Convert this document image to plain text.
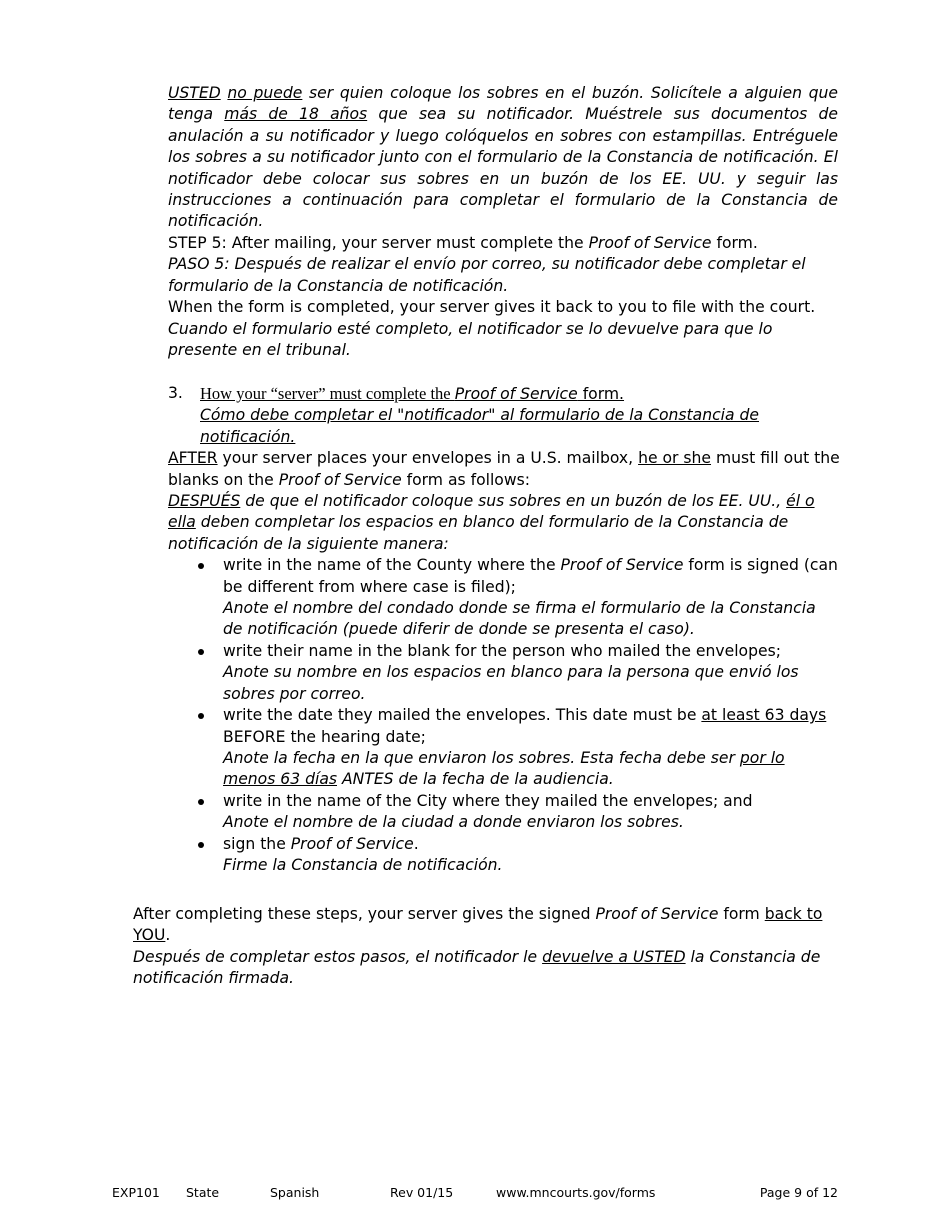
USTED no puede ser quien coloque los sobres en el buzón. Solicítele a alguien que tenga más de 18 años que sea su notificador. Muéstrele sus documentos de anulación a su notificador y luego colóquelos en sobres con estampillas. Entréguele los sobres a su notificador junto con el formulario de la Constancia de notificación. El notificador debe colocar sus sobres en un buzón de los EE. UU. y seguir las instrucciones a continuación para completar el formulario de la Constancia de notificación.

STEP 5: After mailing, your server must complete the Proof of Service form.

PASO 5: Después de realizar el envío por correo, su notificador debe completar el formulario de la Constancia de notificación.

When the form is completed, your server gives it back to you to file with the court.

Cuando el formulario esté completo, el notificador se lo devuelve para que lo presente en el tribunal.

3.	How your “server” must complete the Proof of Service form.

Cómo debe completar el "notificador" al formulario de la Constancia de notificación.

AFTER your server places your envelopes in a U.S. mailbox, he or she must fill out the blanks on the Proof of Service form as follows:

DESPUÉS de que el notificador coloque sus sobres en un buzón de los EE. UU., él o ella deben completar los espacios en blanco del formulario de la Constancia de notificación de la siguiente manera:

write in the name of the County where the Proof of Service form is signed (can be different from where case is filed);

Anote el nombre del condado donde se firma el formulario de la Constancia de notificación (puede diferir de donde se presenta el caso).

write their name in the blank for the person who mailed the envelopes;

Anote su nombre en los espacios en blanco para la persona que envió los sobres por correo.

write the date they mailed the envelopes. This date must be at least 63 days BEFORE the hearing date;

Anote la fecha en la que enviaron los sobres. Esta fecha debe ser por lo menos 63 días ANTES de la fecha de la audiencia.

write in the name of the City where they mailed the envelopes; and

Anote el nombre de la ciudad a donde enviaron los sobres.

sign the Proof of Service.

Firme la Constancia de notificación.

After completing these steps, your server gives the signed Proof of Service form back to YOU.

Después de completar estos pasos, el notificador le devuelve a USTED la Constancia de notificación firmada.

EXP101 State	Spanish	Rev 01/15	www.mncourts.gov/forms	Page 9 of 12
